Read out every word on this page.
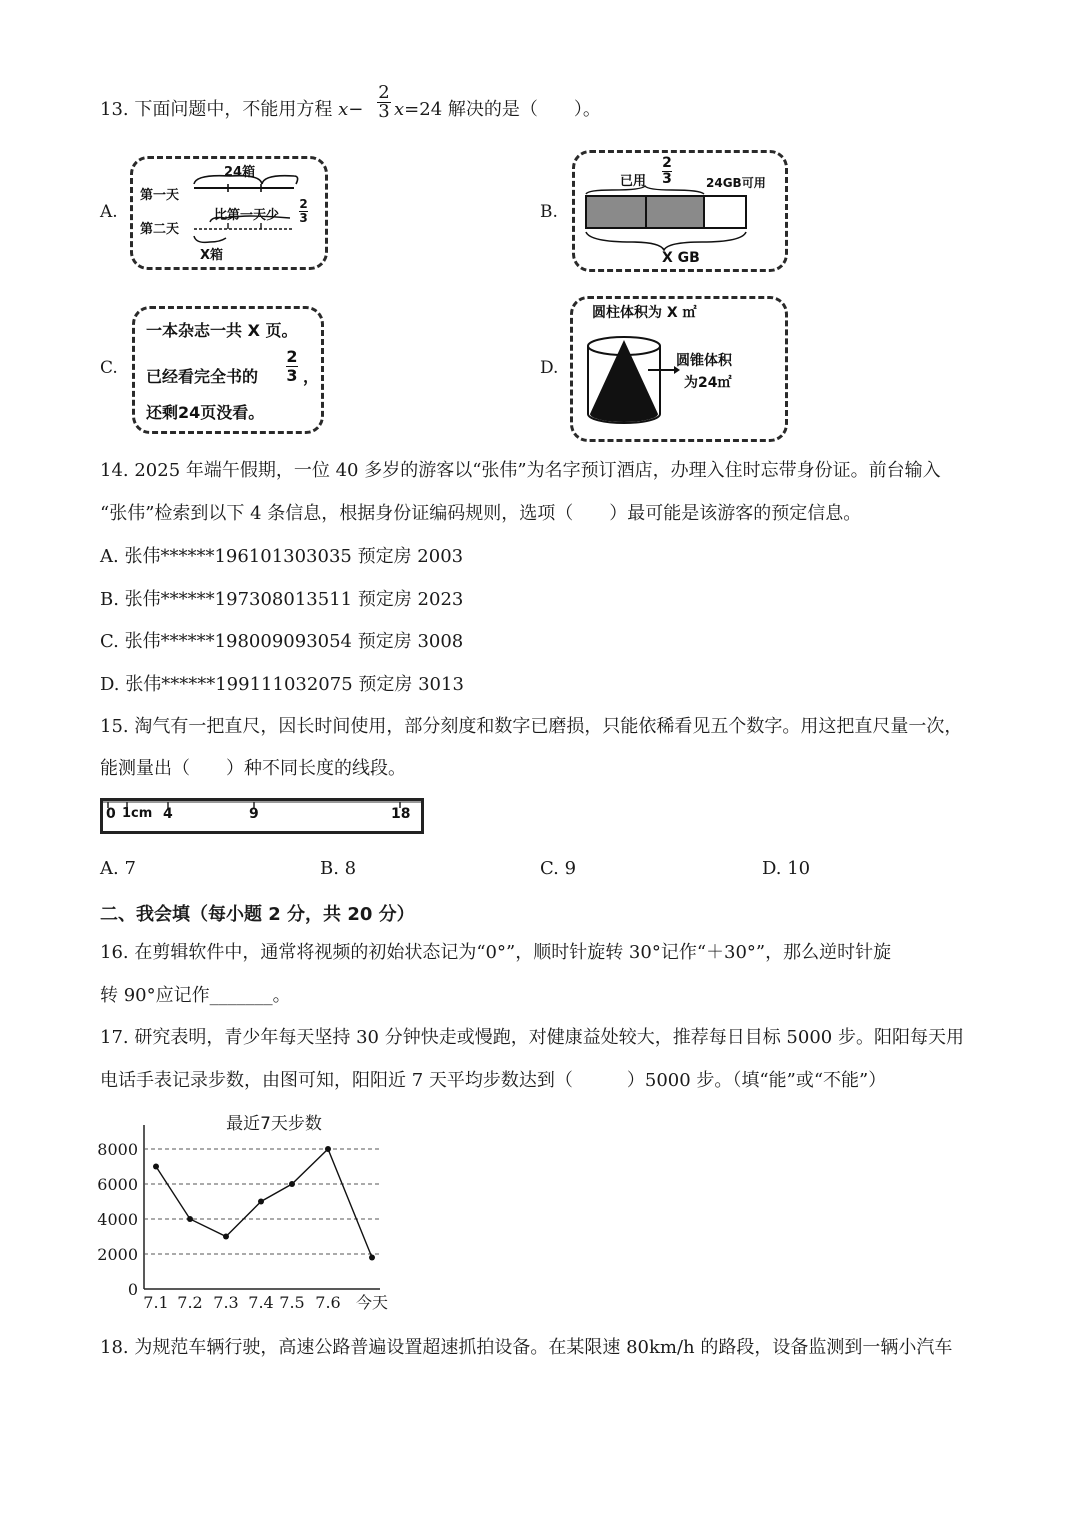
13. 下面问题中，不能用方程 x−
2
3 x=24 解决的是（　　）。
A.
24箱
第一天
第二天
比第一天少
2
3
X箱
B.
已用
2
3	24GB可用
X GB
C.
一本杂志一共 X 页。
已经看完全书的
2
3 ，
还剩24页没看。
D.
圆柱体积为 X ㎡
圆锥体积
为24㎡
14. 2025 年端午假期，一位 40 多岁的游客以“张伟”为名字预订酒店，办理入住时忘带身份证。前台输入
“张伟”检索到以下 4 条信息，根据身份证编码规则，选项（　　）最可能是该游客的预定信息。
A. 张伟******196101303035 预定房 2003
B. 张伟******197308013511 预定房 2023
C. 张伟******198009093054 预定房 3008
D. 张伟******199111032075 预定房 3013
15. 淘气有一把直尺，因长时间使用，部分刻度和数字已磨损，只能依稀看见五个数字。用这把直尺量一次，
能测量出（　　）种不同长度的线段。
0 1cm 4	9	18
A. 7	B. 8	C. 9	D. 10
二、我会填（每小题 2 分，共 20 分）
16. 在剪辑软件中，通常将视频的初始状态记为“0°”，顺时针旋转 30°记作“＋30°”，那么逆时针旋
转 90°应记作_______。
17. 研究表明，青少年每天坚持 30 分钟快走或慢跑，对健康益处较大，推荐每日目标 5000 步。阳阳每天用
电话手表记录步数，由图可知，阳阳近 7 天平均步数达到（　　　）5000 步。（填“能”或“不能”）
最近7天步数
8000
6000
4000
2000
0
7.1 7.2 7.3 7.4 7.5 7.6 今天
18. 为规范车辆行驶，高速公路普遍设置超速抓拍设备。在某限速 80km/h 的路段，设备监测到一辆小汽车
